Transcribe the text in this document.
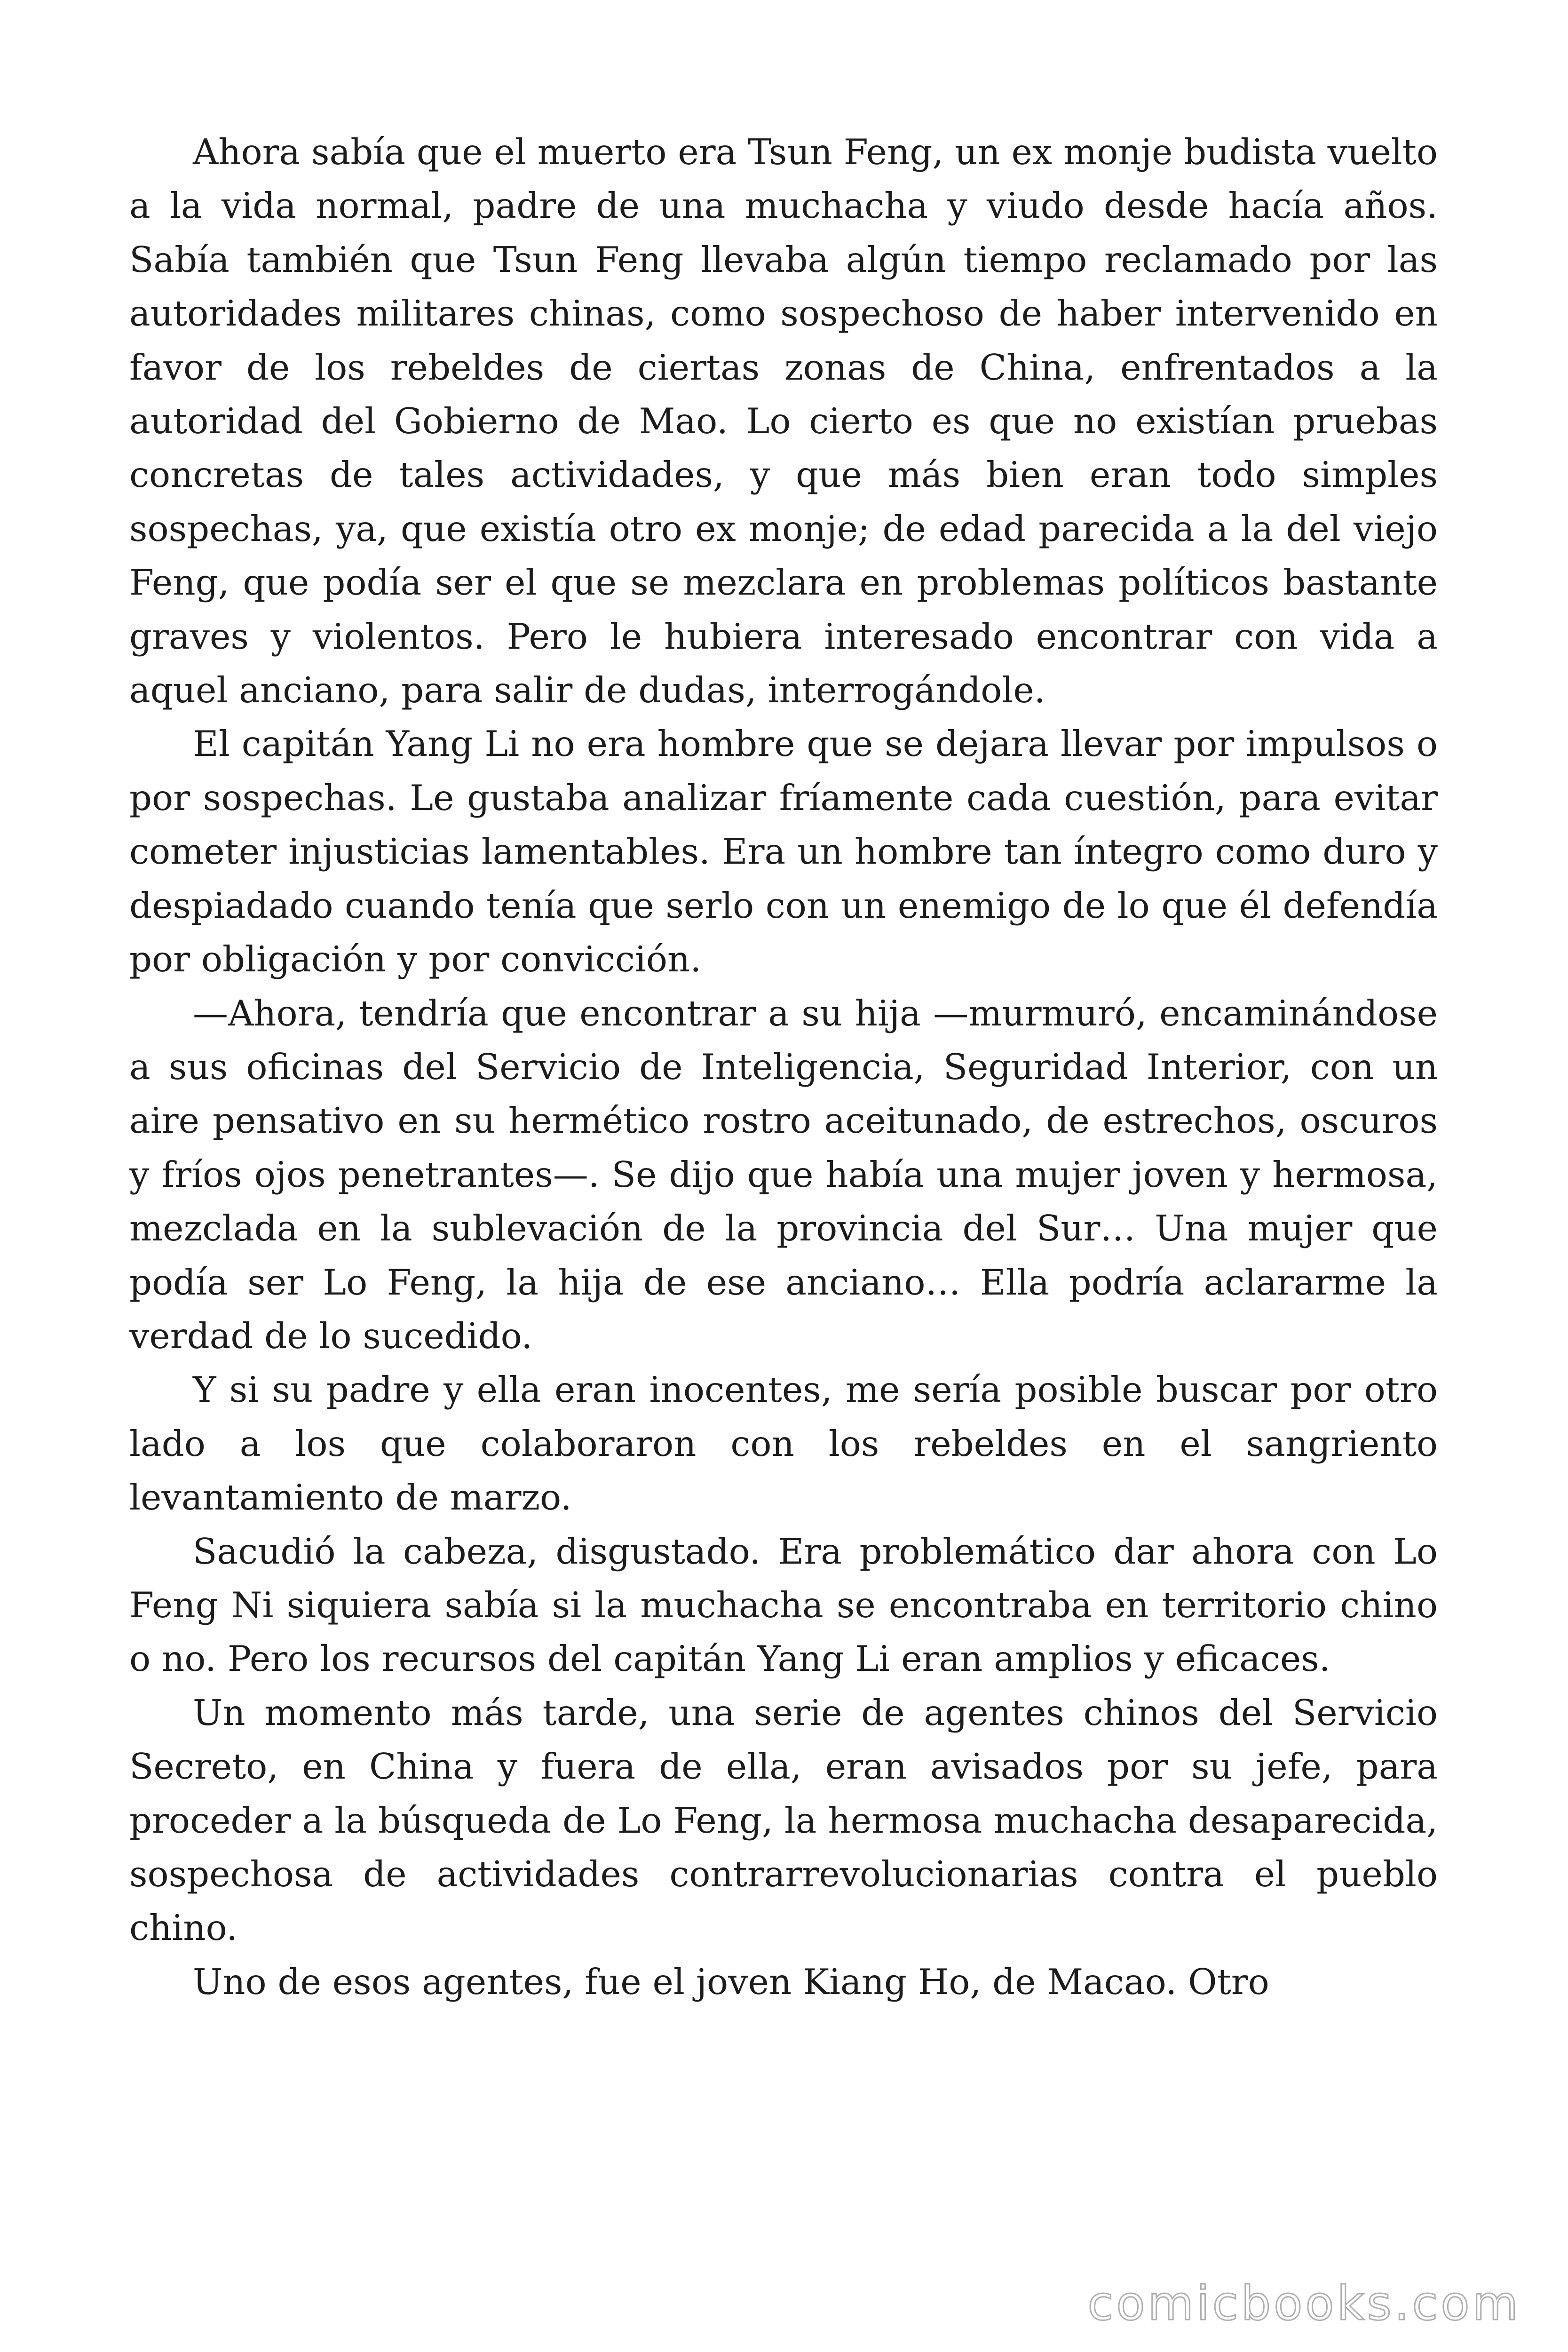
Ahora sabía que el muerto era Tsun Feng, un ex monje budista vuelto a la vida normal, padre de una muchacha y viudo desde hacía años. Sabía también que Tsun Feng llevaba algún tiempo reclamado por las autoridades militares chinas, como sospechoso de haber intervenido en favor de los rebeldes de ciertas zonas de China, enfrentados a la autoridad del Gobierno de Mao. Lo cierto es que no existían pruebas concretas de tales actividades, y que más bien eran todo simples sospechas, ya, que existía otro ex monje; de edad parecida a la del viejo Feng, que podía ser el que se mezclara en problemas políticos bastante graves y violentos. Pero le hubiera interesado encontrar con vida a aquel anciano, para salir de dudas, interrogándole.

El capitán Yang Li no era hombre que se dejara llevar por impulsos o por sospechas. Le gustaba analizar fríamente cada cuestión, para evitar cometer injusticias lamentables. Era un hombre tan íntegro como duro y despiadado cuando tenía que serlo con un enemigo de lo que él defendía por obligación y por convicción.

—Ahora, tendría que encontrar a su hija —murmuró, encaminándose a sus oficinas del Servicio de Inteligencia, Seguridad Interior, con un aire pensativo en su hermético rostro aceitunado, de estrechos, oscuros y fríos ojos penetrantes—. Se dijo que había una mujer joven y hermosa, mezclada en la sublevación de la provincia del Sur… Una mujer que podía ser Lo Feng, la hija de ese anciano… Ella podría aclararme la verdad de lo sucedido.

Y si su padre y ella eran inocentes, me sería posible buscar por otro lado a los que colaboraron con los rebeldes en el sangriento levantamiento de marzo.

Sacudió la cabeza, disgustado. Era problemático dar ahora con Lo Feng Ni siquiera sabía si la muchacha se encontraba en territorio chino o no. Pero los recursos del capitán Yang Li eran amplios y eficaces.

Un momento más tarde, una serie de agentes chinos del Servicio Secreto, en China y fuera de ella, eran avisados por su jefe, para proceder a la búsqueda de Lo Feng, la hermosa muchacha desaparecida, sospechosa de actividades contrarrevolucionarias contra el pueblo chino.

Uno de esos agentes, fue el joven Kiang Ho, de Macao. Otro

comicbooks.com
